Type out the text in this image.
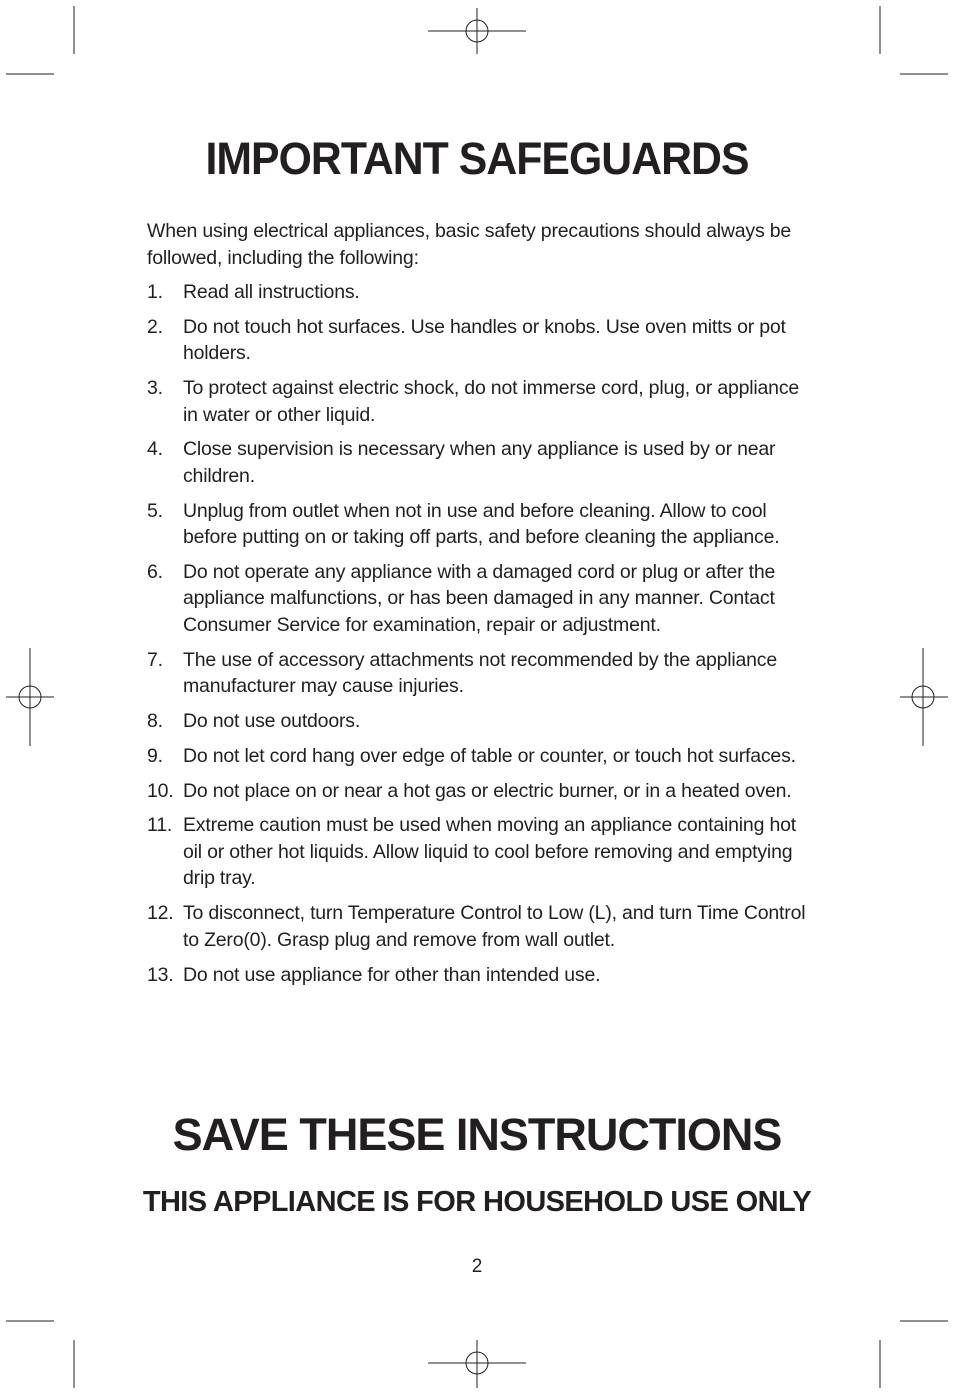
IMPORTANT SAFEGUARDS

When using electrical appliances, basic safety precautions should always be followed, including the following:

1. Read all instructions.
2. Do not touch hot surfaces. Use handles or knobs. Use oven mitts or pot holders.
3. To protect against electric shock, do not immerse cord, plug, or appliance in water or other liquid.
4. Close supervision is necessary when any appliance is used by or near children.
5. Unplug from outlet when not in use and before cleaning. Allow to cool before putting on or taking off parts, and before cleaning the appliance.
6. Do not operate any appliance with a damaged cord or plug or after the appliance malfunctions, or has been damaged in any manner. Contact Consumer Service for examination, repair or adjustment.
7. The use of accessory attachments not recommended by the appliance manufacturer may cause injuries.
8. Do not use outdoors.
9. Do not let cord hang over edge of table or counter, or touch hot surfaces.
10. Do not place on or near a hot gas or electric burner, or in a heated oven.
11. Extreme caution must be used when moving an appliance containing hot oil or other hot liquids. Allow liquid to cool before removing and emptying drip tray.
12. To disconnect, turn Temperature Control to Low (L), and turn Time Control to Zero(0). Grasp plug and remove from wall outlet.
13. Do not use appliance for other than intended use.
SAVE THESE INSTRUCTIONS
THIS APPLIANCE IS FOR HOUSEHOLD USE ONLY
2
